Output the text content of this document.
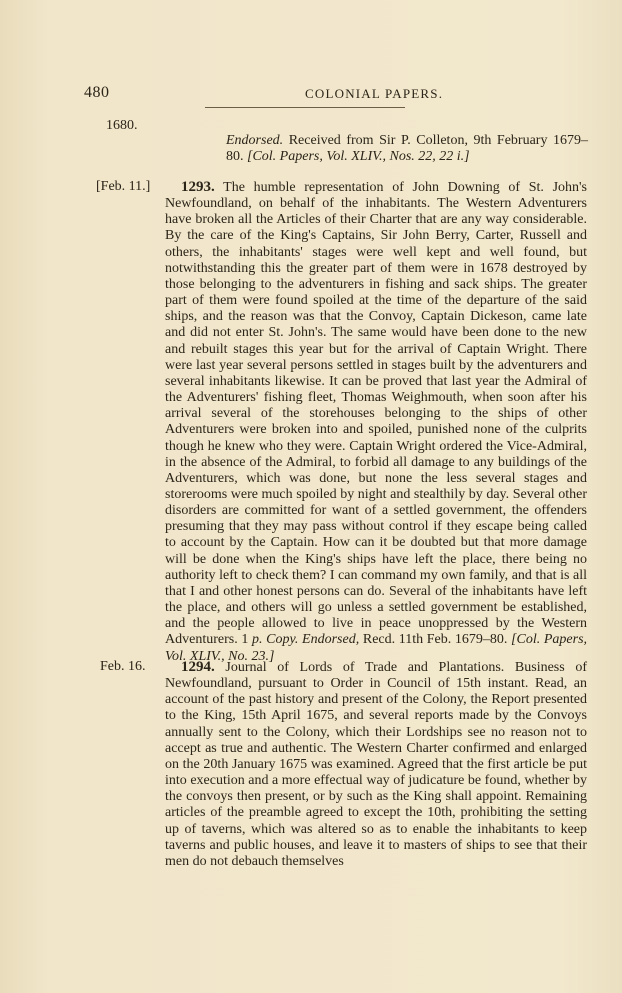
480	COLONIAL PAPERS.
1680.
Endorsed. Received from Sir P. Colleton, 9th February 1679–80. [Col. Papers, Vol. XLIV., Nos. 22, 22 i.]
[Feb. 11.]	1293. The humble representation of John Downing of St. John's Newfoundland, on behalf of the inhabitants. The Western Adventurers have broken all the Articles of their Charter that are any way considerable. By the care of the King's Captains, Sir John Berry, Carter, Russell and others, the inhabitants' stages were well kept and well found, but notwithstanding this the greater part of them were in 1678 destroyed by those belonging to the adventurers in fishing and sack ships. The greater part of them were found spoiled at the time of the departure of the said ships, and the reason was that the Convoy, Captain Dickeson, came late and did not enter St. John's. The same would have been done to the new and rebuilt stages this year but for the arrival of Captain Wright. There were last year several persons settled in stages built by the adventurers and several inhabitants likewise. It can be proved that last year the Admiral of the Adventurers' fishing fleet, Thomas Weighmouth, when soon after his arrival several of the storehouses belonging to the ships of other Adventurers were broken into and spoiled, punished none of the culprits though he knew who they were. Captain Wright ordered the Vice-Admiral, in the absence of the Admiral, to forbid all damage to any buildings of the Adventurers, which was done, but none the less several stages and storerooms were much spoiled by night and stealthily by day. Several other disorders are committed for want of a settled government, the offenders presuming that they may pass without control if they escape being called to account by the Captain. How can it be doubted but that more damage will be done when the King's ships have left the place, there being no authority left to check them? I can command my own family, and that is all that I and other honest persons can do. Several of the inhabitants have left the place, and others will go unless a settled government be established, and the people allowed to live in peace unoppressed by the Western Adventurers. 1 p. Copy. Endorsed, Recd. 11th Feb. 1679–80. [Col. Papers, Vol. XLIV., No. 23.]
Feb. 16.	1294. Journal of Lords of Trade and Plantations. Business of Newfoundland, pursuant to Order in Council of 15th instant. Read, an account of the past history and present of the Colony, the Report presented to the King, 15th April 1675, and several reports made by the Convoys annually sent to the Colony, which their Lordships see no reason not to accept as true and authentic. The Western Charter confirmed and enlarged on the 20th January 1675 was examined. Agreed that the first article be put into execution and a more effectual way of judicature be found, whether by the convoys then present, or by such as the King shall appoint. Remaining articles of the preamble agreed to except the 10th, prohibiting the setting up of taverns, which was altered so as to enable the inhabitants to keep taverns and public houses, and leave it to masters of ships to see that their men do not debauch themselves
